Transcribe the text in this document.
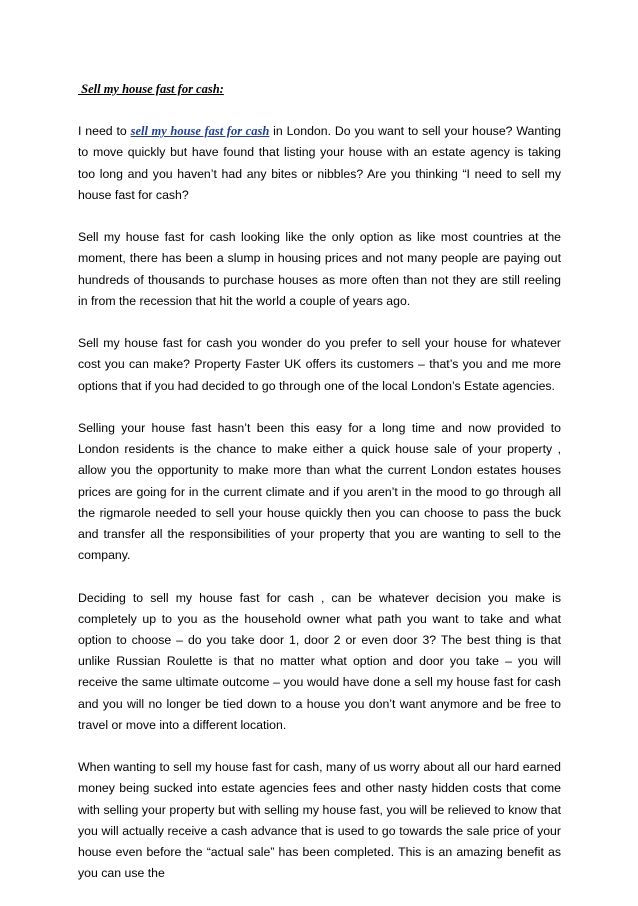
Sell my house fast for cash:

I need to sell my house fast for cash in London. Do you want to sell your house? Wanting to move quickly but have found that listing your house with an estate agency is taking too long and you haven’t had any bites or nibbles? Are you thinking “I need to sell my house fast for cash?

Sell my house fast for cash looking like the only option as like most countries at the moment, there has been a slump in housing prices and not many people are paying out hundreds of thousands to purchase houses as more often than not they are still reeling in from the recession that hit the world a couple of years ago.

Sell my house fast for cash you wonder do you prefer to sell your house for whatever cost you can make? Property Faster UK offers its customers – that’s you and me more options that if you had decided to go through one of the local London’s Estate agencies.

Selling your house fast hasn’t been this easy for a long time and now provided to London residents is the chance to make either a quick house sale of your property , allow you the opportunity to make more than what the current London estates houses prices are going for in the current climate and if you aren’t in the mood to go through all the rigmarole needed to sell your house quickly then you can choose to pass the buck and transfer all the responsibilities of your property that you are wanting to sell to the company.

Deciding to sell my house fast for cash , can be whatever decision you make is completely up to you as the household owner what path you want to take and what option to choose – do you take door 1, door 2 or even door 3? The best thing is that unlike Russian Roulette is that no matter what option and door you take – you will receive the same ultimate outcome – you would have done a sell my house fast for cash and you will no longer be tied down to a house you don’t want anymore and be free to travel or move into a different location.

When wanting to sell my house fast for cash, many of us worry about all our hard earned money being sucked into estate agencies fees and other nasty hidden costs that come with selling your property but with selling my house fast, you will be relieved to know that you will actually receive a cash advance that is used to go towards the sale price of your house even before the “actual sale” has been completed. This is an amazing benefit as you can use the
